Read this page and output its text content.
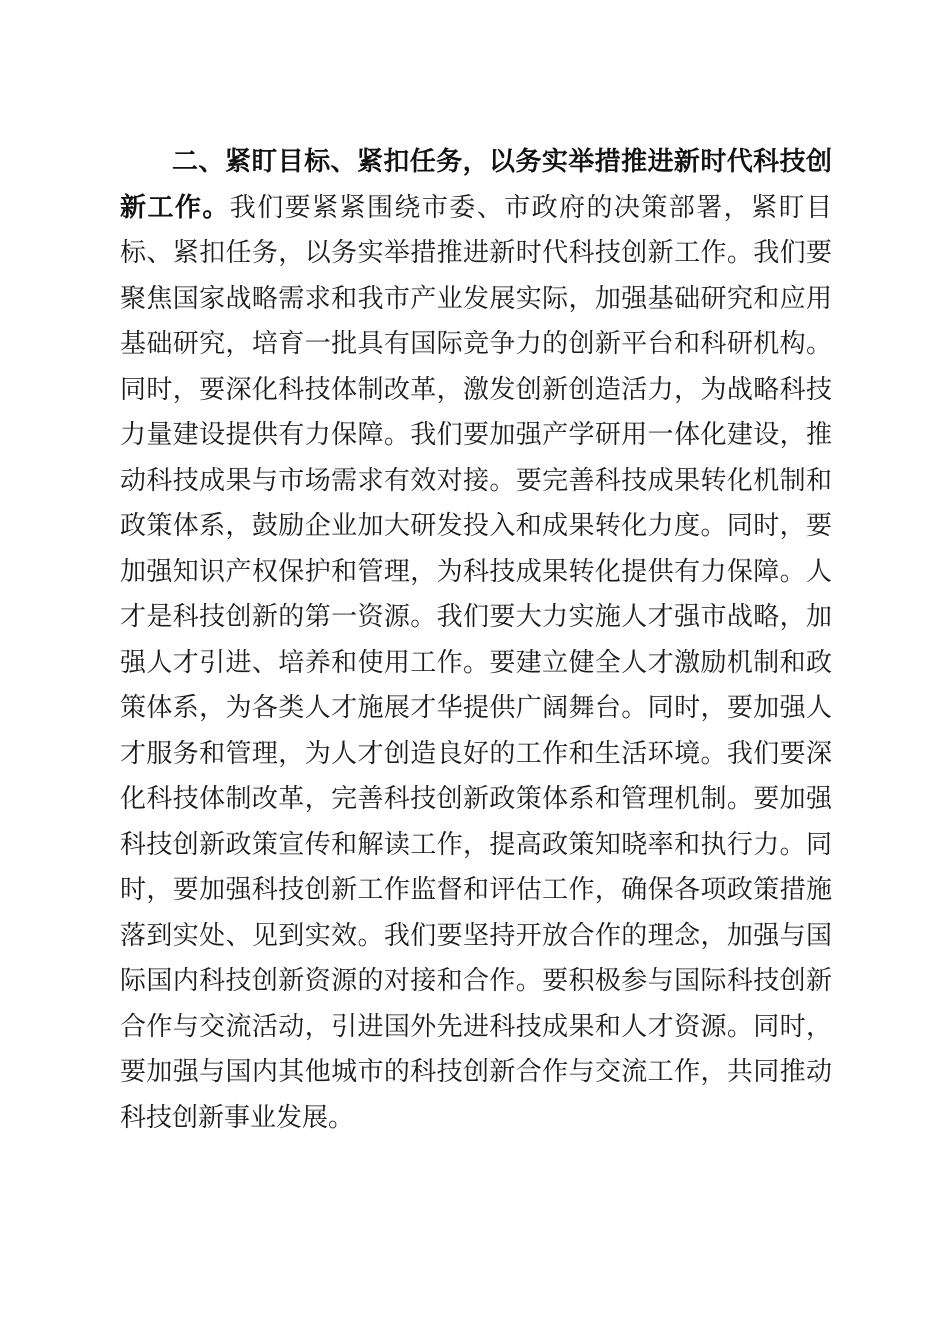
二、紧盯目标、紧扣任务，以务实举措推进新时代科技创新工作。我们要紧紧围绕市委、市政府的决策部署，紧盯目标、紧扣任务，以务实举措推进新时代科技创新工作。我们要聚焦国家战略需求和我市产业发展实际，加强基础研究和应用基础研究，培育一批具有国际竞争力的创新平台和科研机构。同时，要深化科技体制改革，激发创新创造活力，为战略科技力量建设提供有力保障。我们要加强产学研用一体化建设，推动科技成果与市场需求有效对接。要完善科技成果转化机制和政策体系，鼓励企业加大研发投入和成果转化力度。同时，要加强知识产权保护和管理，为科技成果转化提供有力保障。人才是科技创新的第一资源。我们要大力实施人才强市战略，加强人才引进、培养和使用工作。要建立健全人才激励机制和政策体系，为各类人才施展才华提供广阔舞台。同时，要加强人才服务和管理，为人才创造良好的工作和生活环境。我们要深化科技体制改革，完善科技创新政策体系和管理机制。要加强科技创新政策宣传和解读工作，提高政策知晓率和执行力。同时，要加强科技创新工作监督和评估工作，确保各项政策措施落到实处、见到实效。我们要坚持开放合作的理念，加强与国际国内科技创新资源的对接和合作。要积极参与国际科技创新合作与交流活动，引进国外先进科技成果和人才资源。同时，要加强与国内其他城市的科技创新合作与交流工作，共同推动科技创新事业发展。
